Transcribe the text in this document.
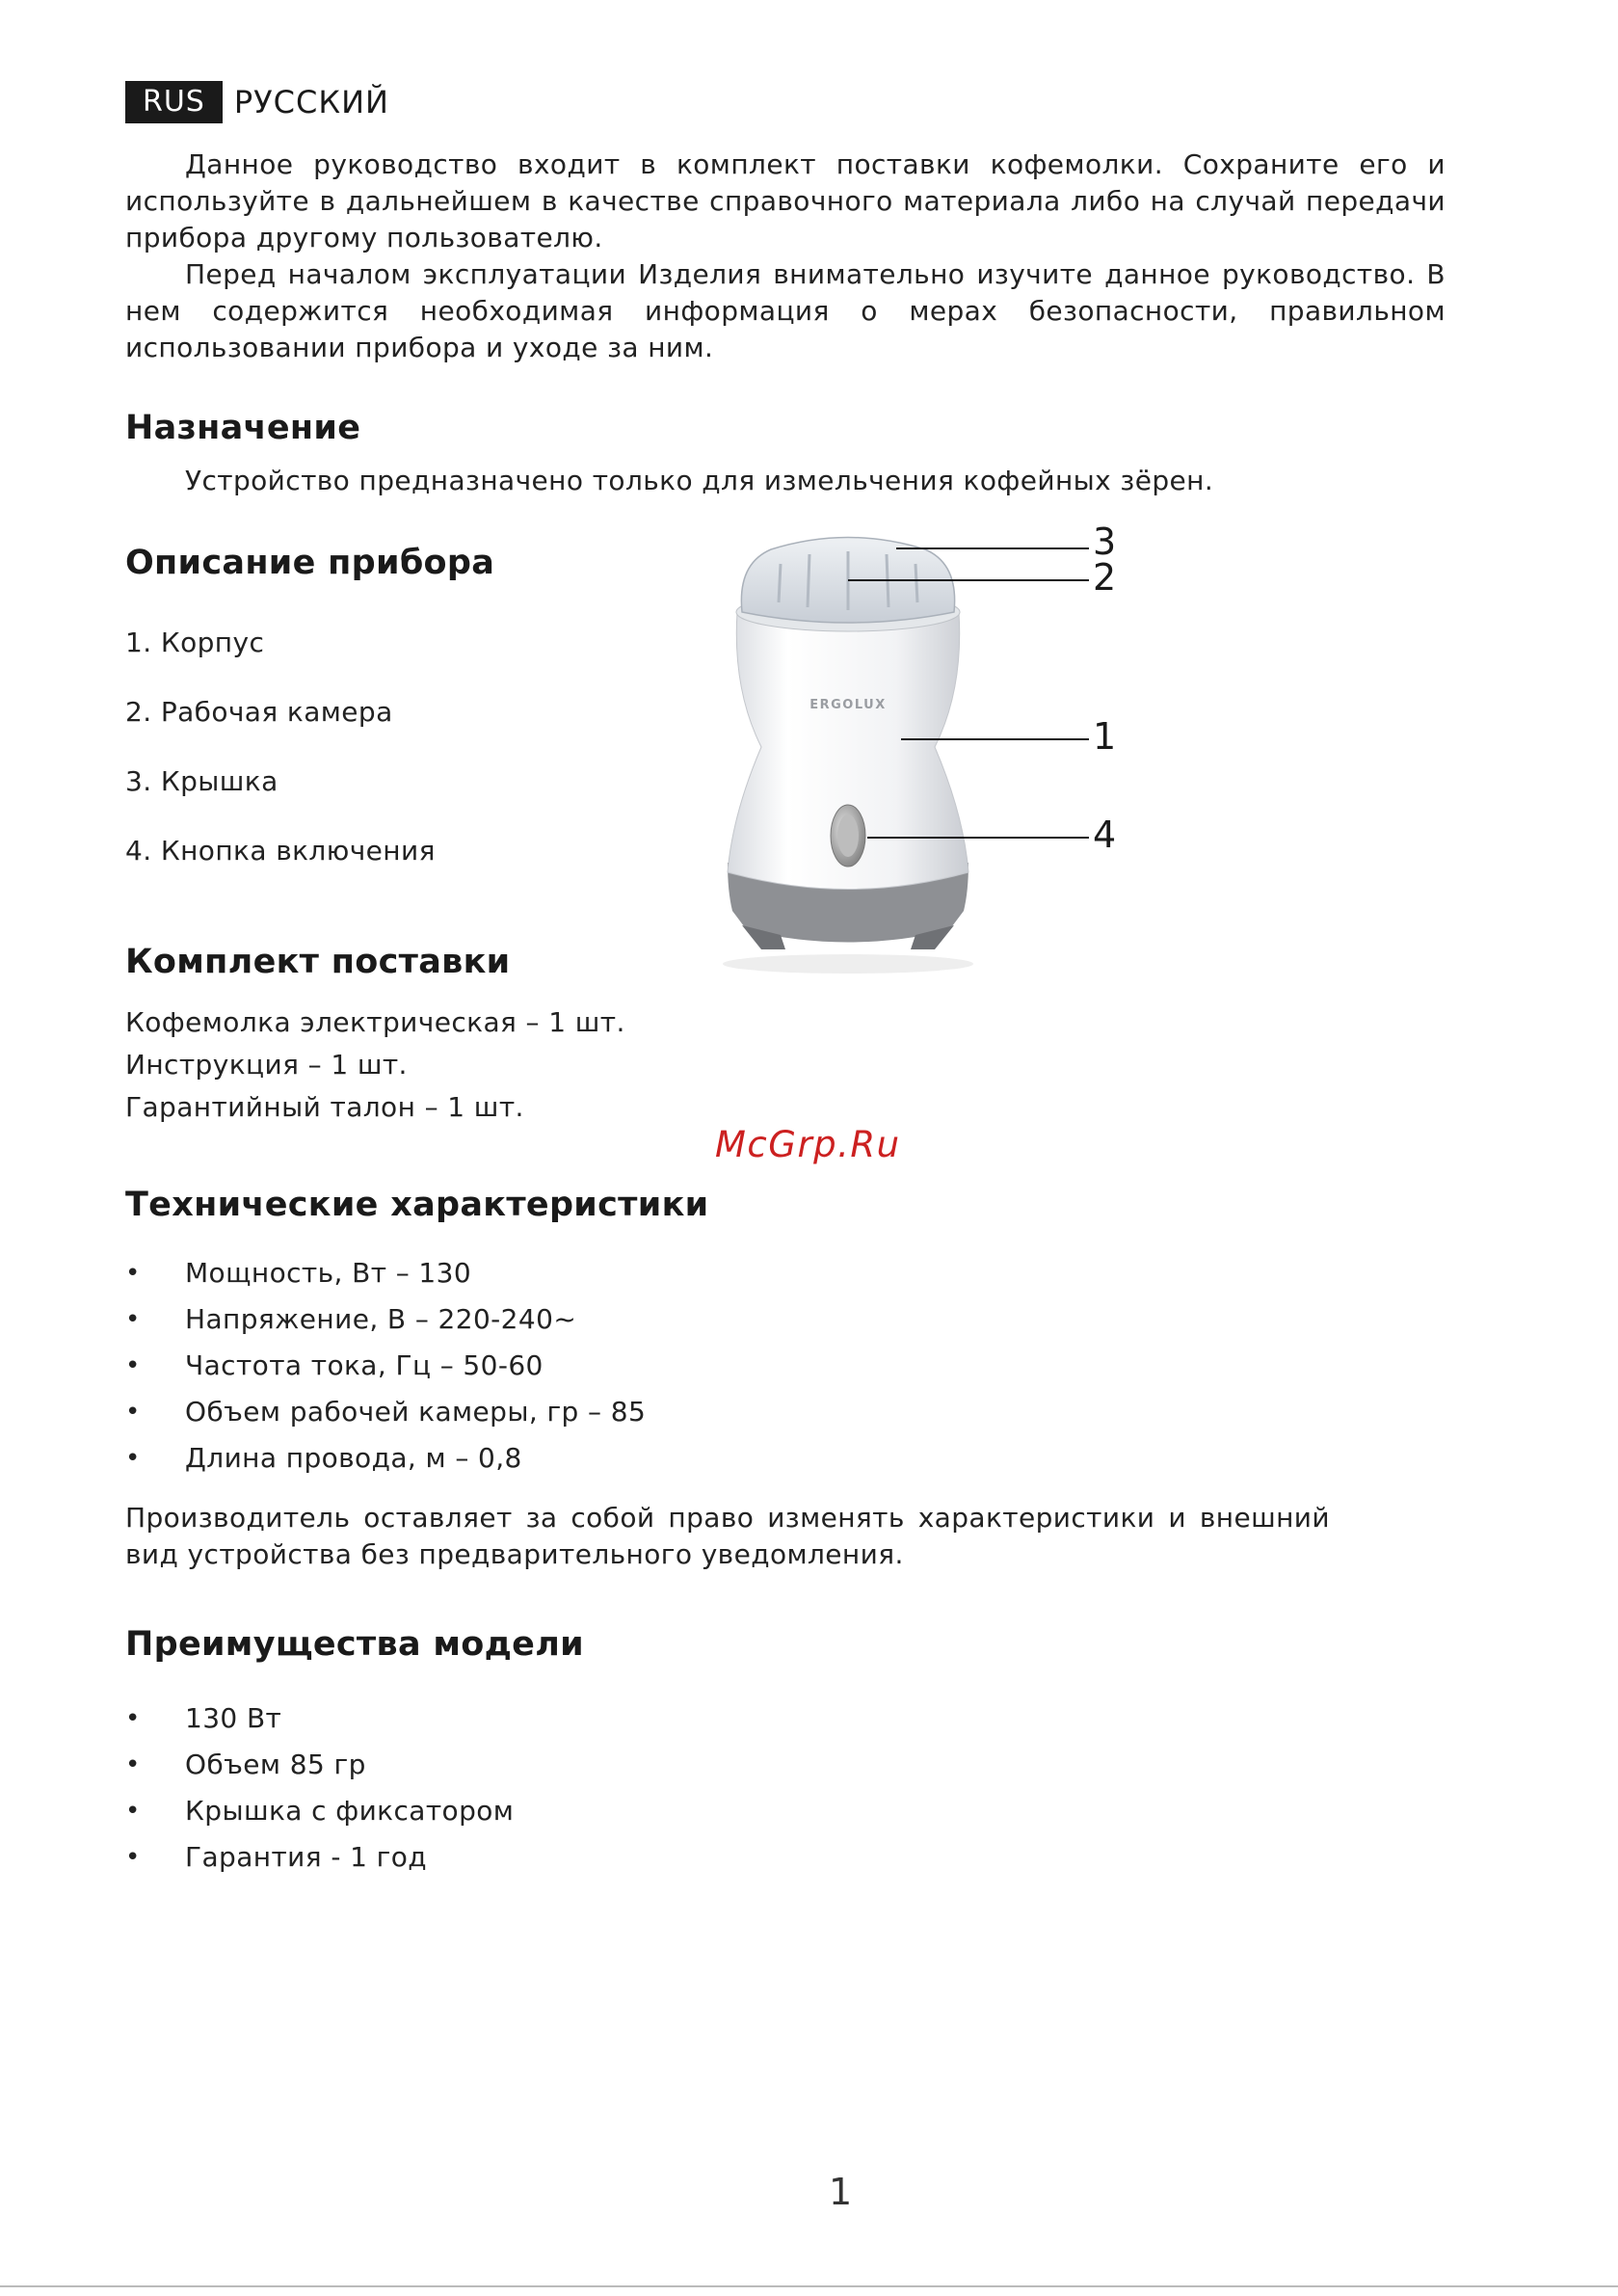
RUS РУССКИЙ

Данное руководство входит в комплект поставки кофемолки. Сохраните его и используйте в дальнейшем в качестве справочного материала либо на случай передачи прибора другому пользователю.

Перед началом эксплуатации Изделия внимательно изучите данное руководство. В нем содержится необходимая информация о мерах безопасности, правильном использовании прибора и уходе за ним.

Назначение
Устройство предназначено только для измельчения кофейных зёрен.
Описание прибора
1. Корпус
2. Рабочая камера
3. Крышка
4. Кнопка включения
ERGOLUX
3
2
1
4
Комплект поставки
Кофемолка электрическая – 1 шт.
Инструкция – 1 шт.
Гарантийный талон – 1 шт.
McGrp.Ru
Технические характеристики
•	Мощность, Вт – 130
•	Напряжение, В – 220-240~
•	Частота тока, Гц – 50-60
•	Объем рабочей камеры, гр – 85
•	Длина провода, м – 0,8

Производитель оставляет за собой право изменять характеристики и внешний вид устройства без предварительного уведомления.

Преимущества модели
•	130 Вт
•	Объем 85 гр
•	Крышка с фиксатором
•	Гарантия - 1 год
1
